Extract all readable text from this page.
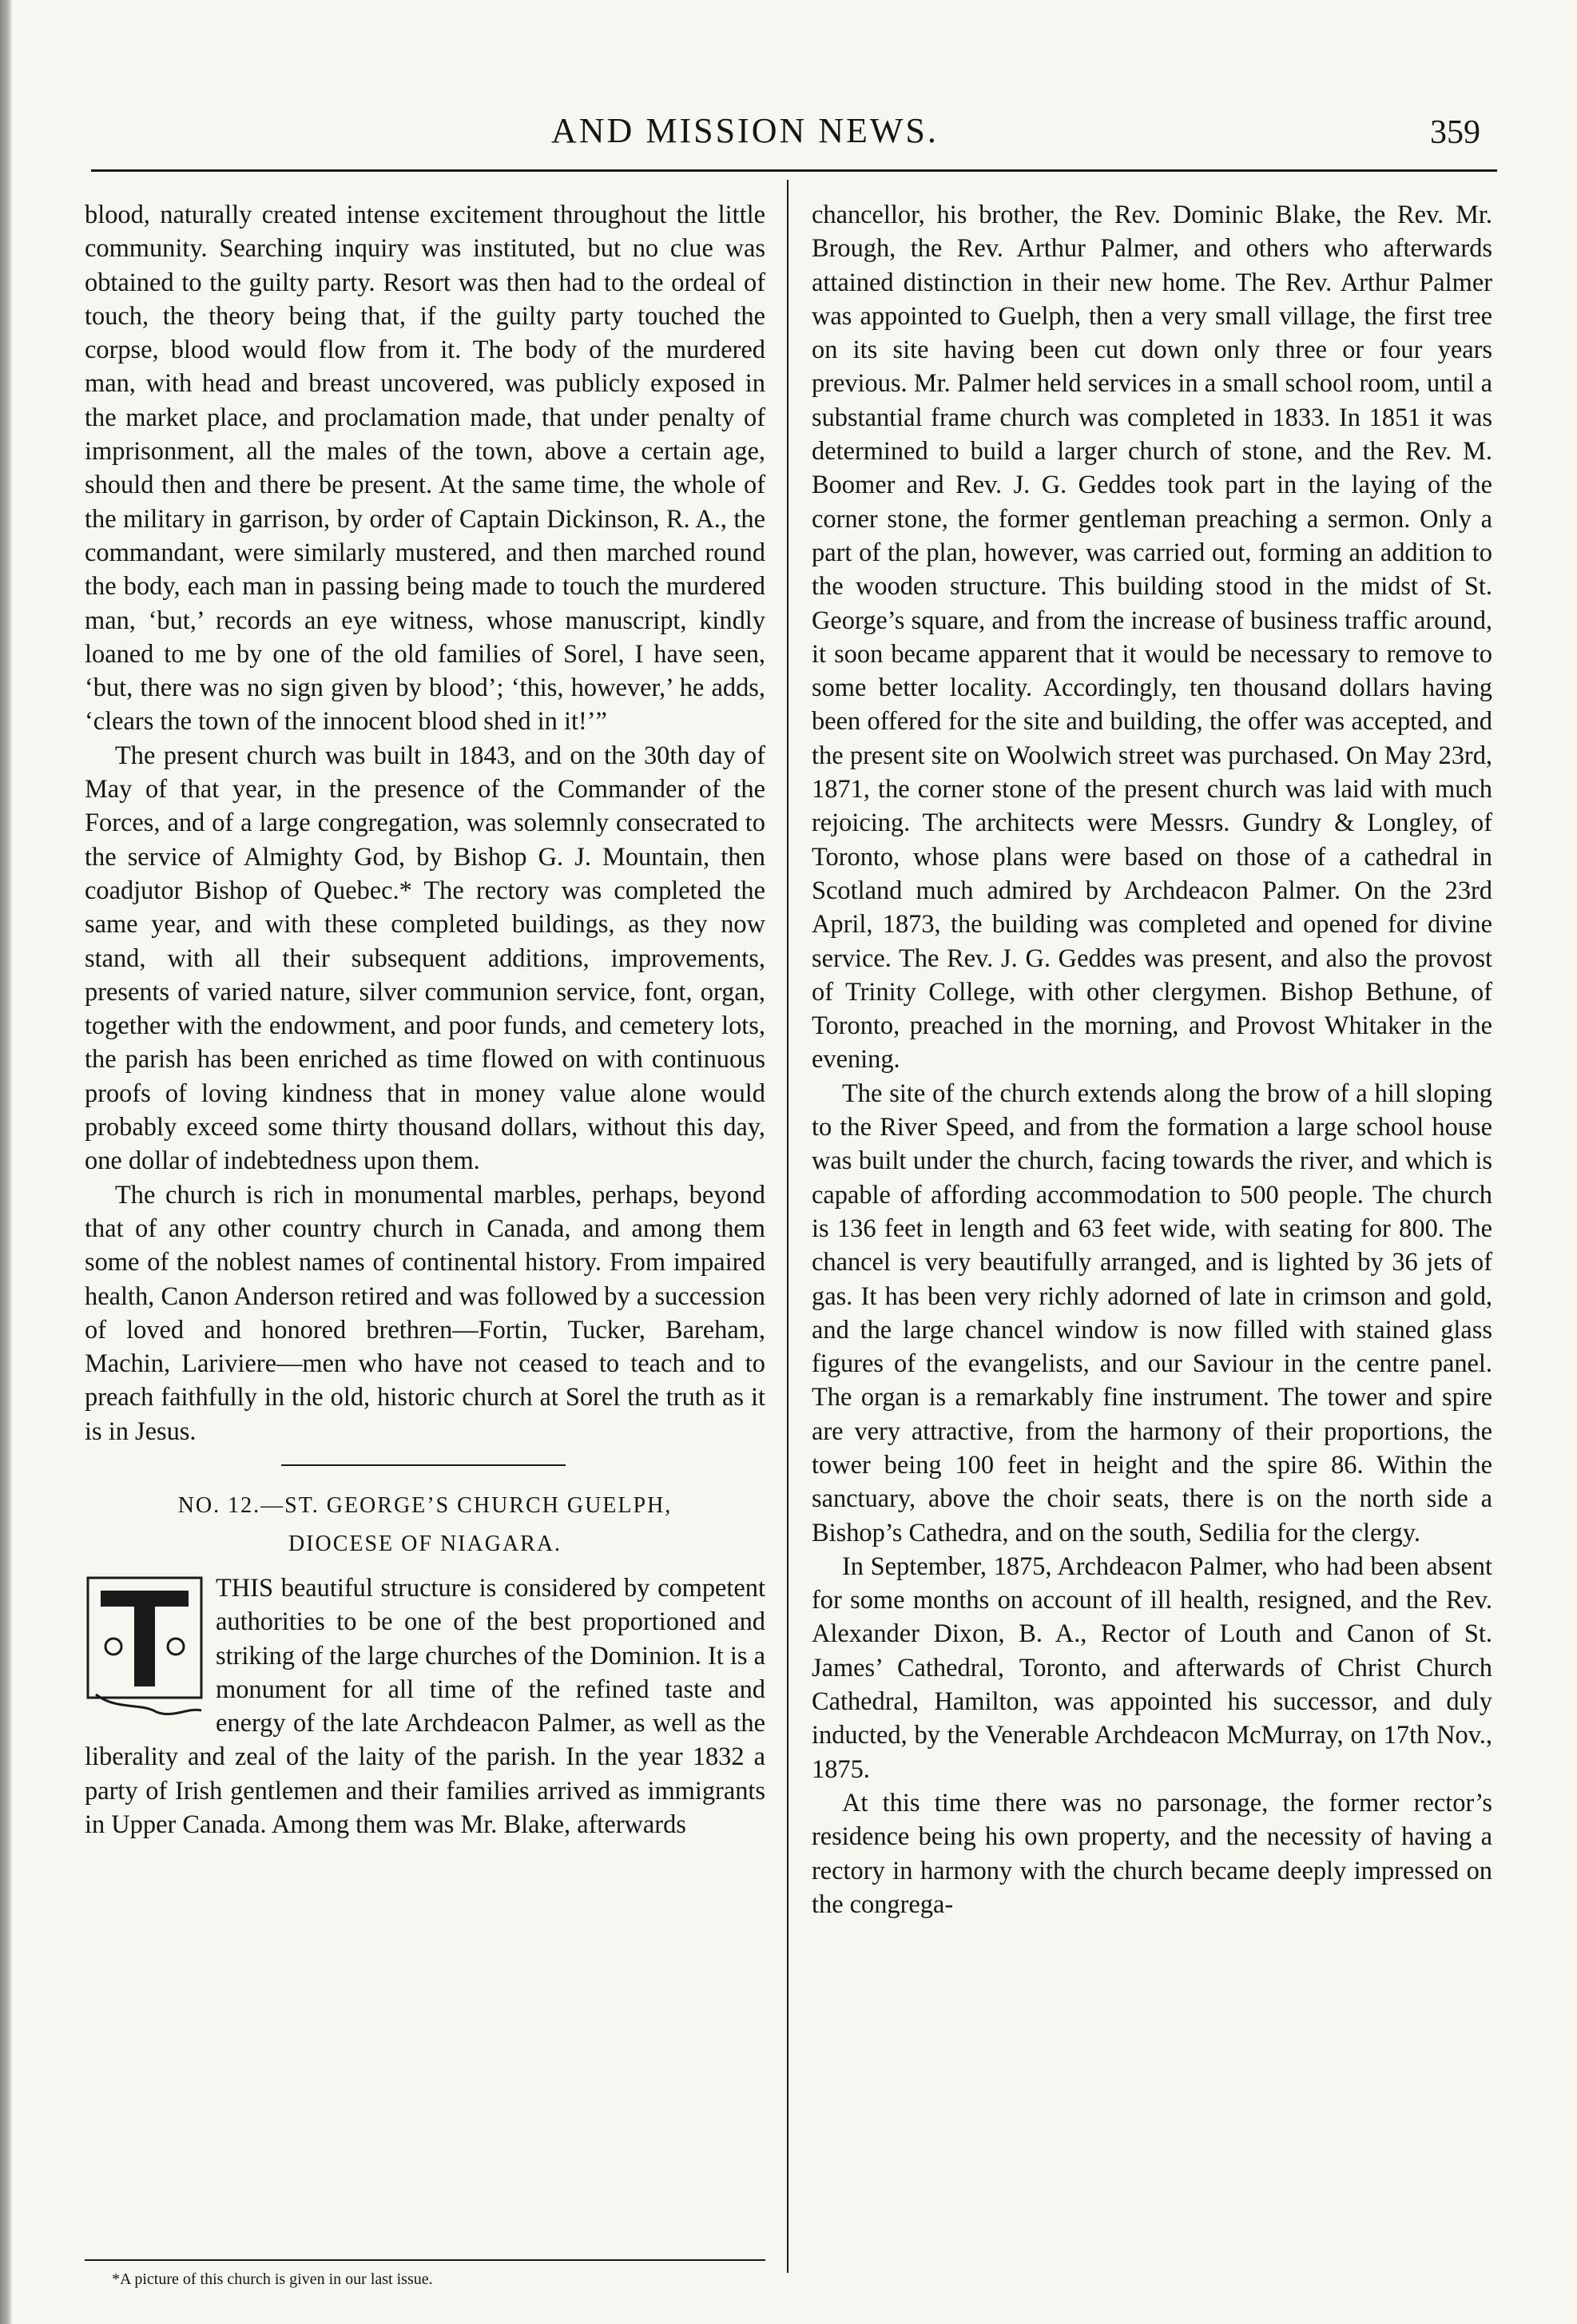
AND MISSION NEWS.	359

blood, naturally created intense excitement throughout the little community. Searching inquiry was instituted, but no clue was obtained to the guilty party. Resort was then had to the ordeal of touch, the theory being that, if the guilty party touched the corpse, blood would flow from it. The body of the murdered man, with head and breast uncovered, was publicly exposed in the market place, and proclamation made, that under penalty of imprisonment, all the males of the town, above a certain age, should then and there be present. At the same time, the whole of the military in garrison, by order of Captain Dickinson, R. A., the commandant, were similarly mustered, and then marched round the body, each man in passing being made to touch the murdered man, ‘but,’ records an eye witness, whose manuscript, kindly loaned to me by one of the old families of Sorel, I have seen, ‘but, there was no sign given by blood’; ‘this, however,’ he adds, ‘clears the town of the innocent blood shed in it!’”

The present church was built in 1843, and on the 30th day of May of that year, in the presence of the Commander of the Forces, and of a large congregation, was solemnly consecrated to the service of Almighty God, by Bishop G. J. Mountain, then coadjutor Bishop of Quebec.* The rectory was completed the same year, and with these completed buildings, as they now stand, with all their subsequent additions, improvements, presents of varied nature, silver communion service, font, organ, together with the endowment, and poor funds, and cemetery lots, the parish has been enriched as time flowed on with continuous proofs of loving kindness that in money value alone would probably exceed some thirty thousand dollars, without this day, one dollar of indebtedness upon them.

The church is rich in monumental marbles, perhaps, beyond that of any other country church in Canada, and among them some of the noblest names of continental history. From impaired health, Canon Anderson retired and was followed by a succession of loved and honored brethren—Fortin, Tucker, Bareham, Machin, Lariviere—men who have not ceased to teach and to preach faithfully in the old, historic church at Sorel the truth as it is in Jesus.

NO. 12.—ST. GEORGE’S CHURCH GUELPH,

DIOCESE OF NIAGARA.

THIS beautiful structure is considered by competent authorities to be one of the best proportioned and striking of the large churches of the Dominion. It is a monument for all time of the refined taste and energy of the late Archdeacon Palmer, as well as the liberality and zeal of the laity of the parish. In the year 1832 a party of Irish gentlemen and their families arrived as immigrants in Upper Canada. Among them was Mr. Blake, afterwards

chancellor, his brother, the Rev. Dominic Blake, the Rev. Mr. Brough, the Rev. Arthur Palmer, and others who afterwards attained distinction in their new home. The Rev. Arthur Palmer was appointed to Guelph, then a very small village, the first tree on its site having been cut down only three or four years previous. Mr. Palmer held services in a small school room, until a substantial frame church was completed in 1833. In 1851 it was determined to build a larger church of stone, and the Rev. M. Boomer and Rev. J. G. Geddes took part in the laying of the corner stone, the former gentleman preaching a sermon. Only a part of the plan, however, was carried out, forming an addition to the wooden structure. This building stood in the midst of St. George’s square, and from the increase of business traffic around, it soon became apparent that it would be necessary to remove to some better locality. Accordingly, ten thousand dollars having been offered for the site and building, the offer was accepted, and the present site on Woolwich street was purchased. On May 23rd, 1871, the corner stone of the present church was laid with much rejoicing. The architects were Messrs. Gundry & Longley, of Toronto, whose plans were based on those of a cathedral in Scotland much admired by Archdeacon Palmer. On the 23rd April, 1873, the building was completed and opened for divine service. The Rev. J. G. Geddes was present, and also the provost of Trinity College, with other clergymen. Bishop Bethune, of Toronto, preached in the morning, and Provost Whitaker in the evening.

The site of the church extends along the brow of a hill sloping to the River Speed, and from the formation a large school house was built under the church, facing towards the river, and which is capable of affording accommodation to 500 people. The church is 136 feet in length and 63 feet wide, with seating for 800. The chancel is very beautifully arranged, and is lighted by 36 jets of gas. It has been very richly adorned of late in crimson and gold, and the large chancel window is now filled with stained glass figures of the evangelists, and our Saviour in the centre panel. The organ is a remarkably fine instrument. The tower and spire are very attractive, from the harmony of their proportions, the tower being 100 feet in height and the spire 86. Within the sanctuary, above the choir seats, there is on the north side a Bishop’s Cathedra, and on the south, Sedilia for the clergy.

In September, 1875, Archdeacon Palmer, who had been absent for some months on account of ill health, resigned, and the Rev. Alexander Dixon, B. A., Rector of Louth and Canon of St. James’ Cathedral, Toronto, and afterwards of Christ Church Cathedral, Hamilton, was appointed his successor, and duly inducted, by the Venerable Archdeacon McMurray, on 17th Nov., 1875.

At this time there was no parsonage, the former rector’s residence being his own property, and the necessity of having a rectory in harmony with the church became deeply impressed on the congrega-

*A picture of this church is given in our last issue.
